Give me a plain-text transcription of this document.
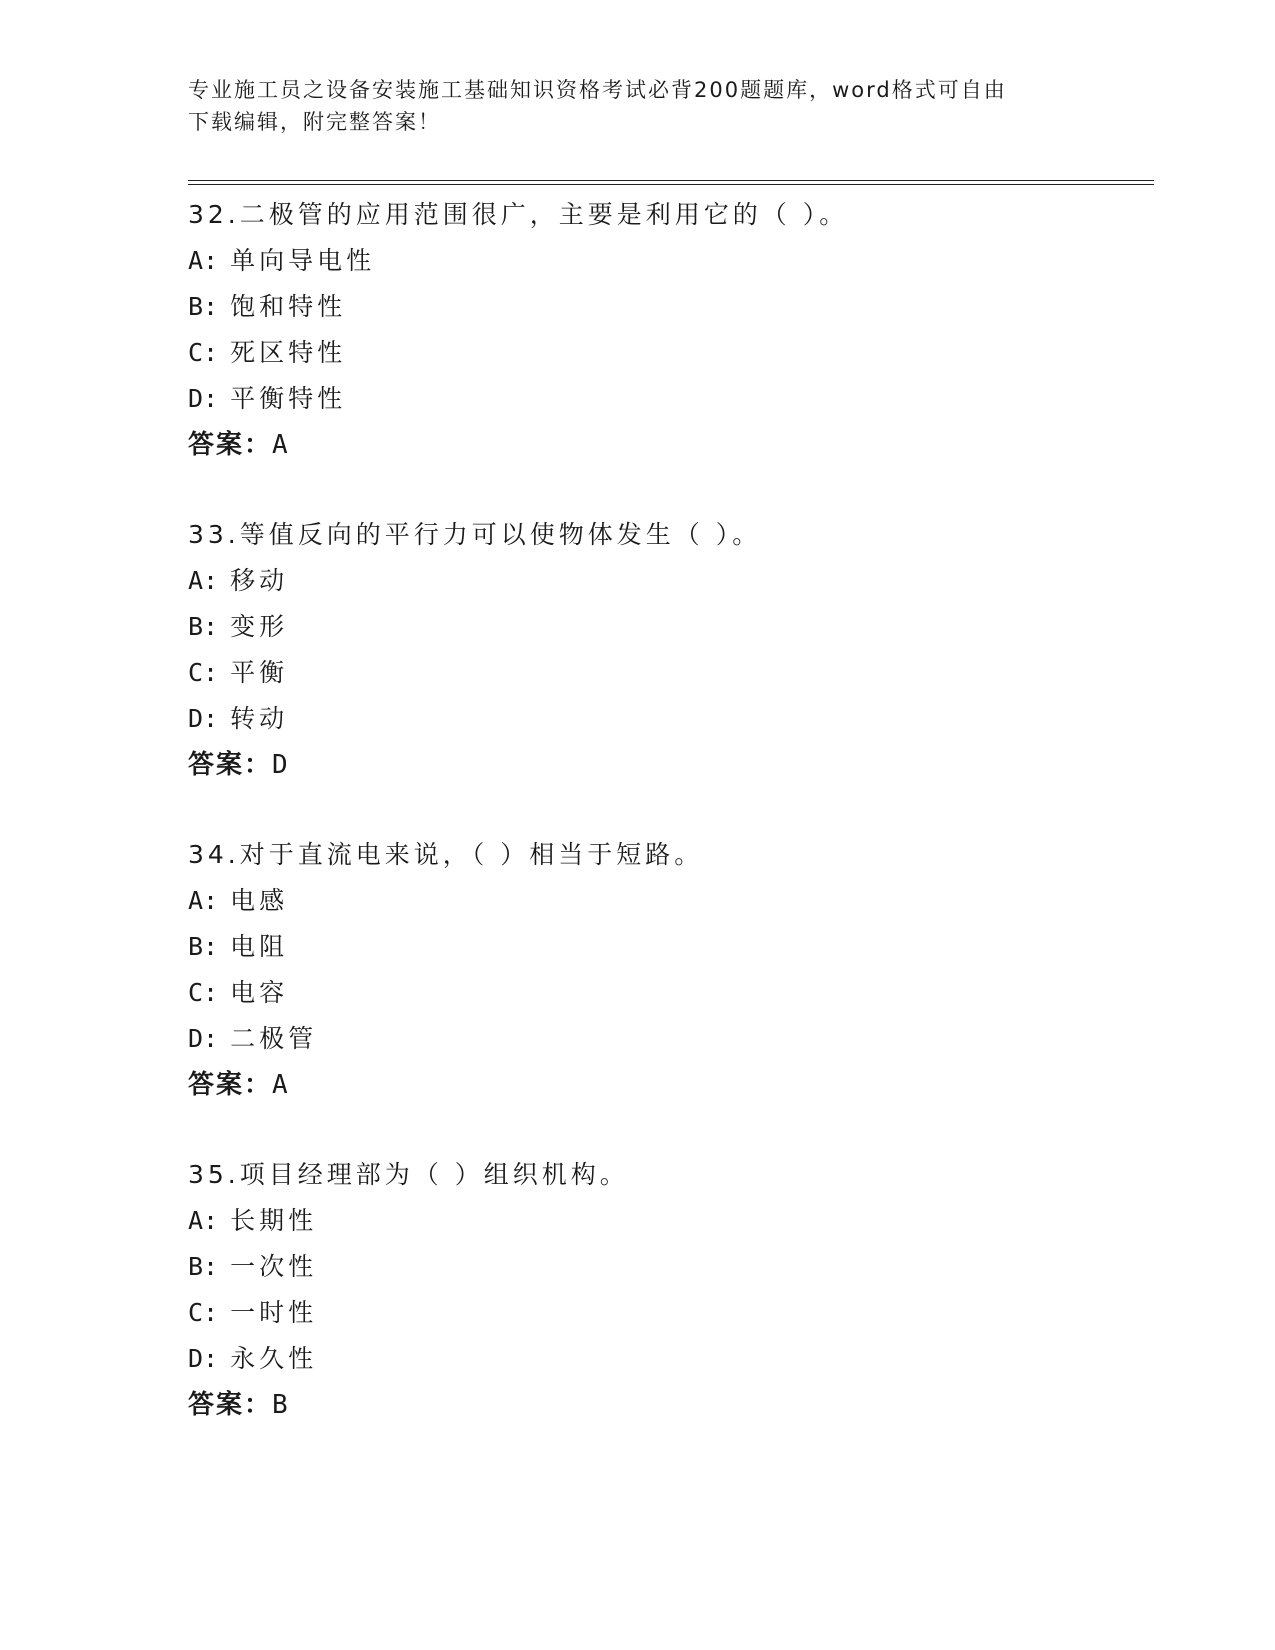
专业施工员之设备安装施工基础知识资格考试必背200题题库，word格式可自由
下载编辑，附完整答案！
32.二极管的应用范围很广，主要是利用它的（ ）。
A: 单向导电性
B: 饱和特性
C: 死区特性
D: 平衡特性
答案：A
33.等值反向的平行力可以使物体发生（ ）。
A: 移动
B: 变形
C: 平衡
D: 转动
答案：D
34.对于直流电来说，（ ）相当于短路。
A: 电感
B: 电阻
C: 电容
D: 二极管
答案：A
35.项目经理部为（ ）组织机构。
A: 长期性
B: 一次性
C: 一时性
D: 永久性
答案：B
